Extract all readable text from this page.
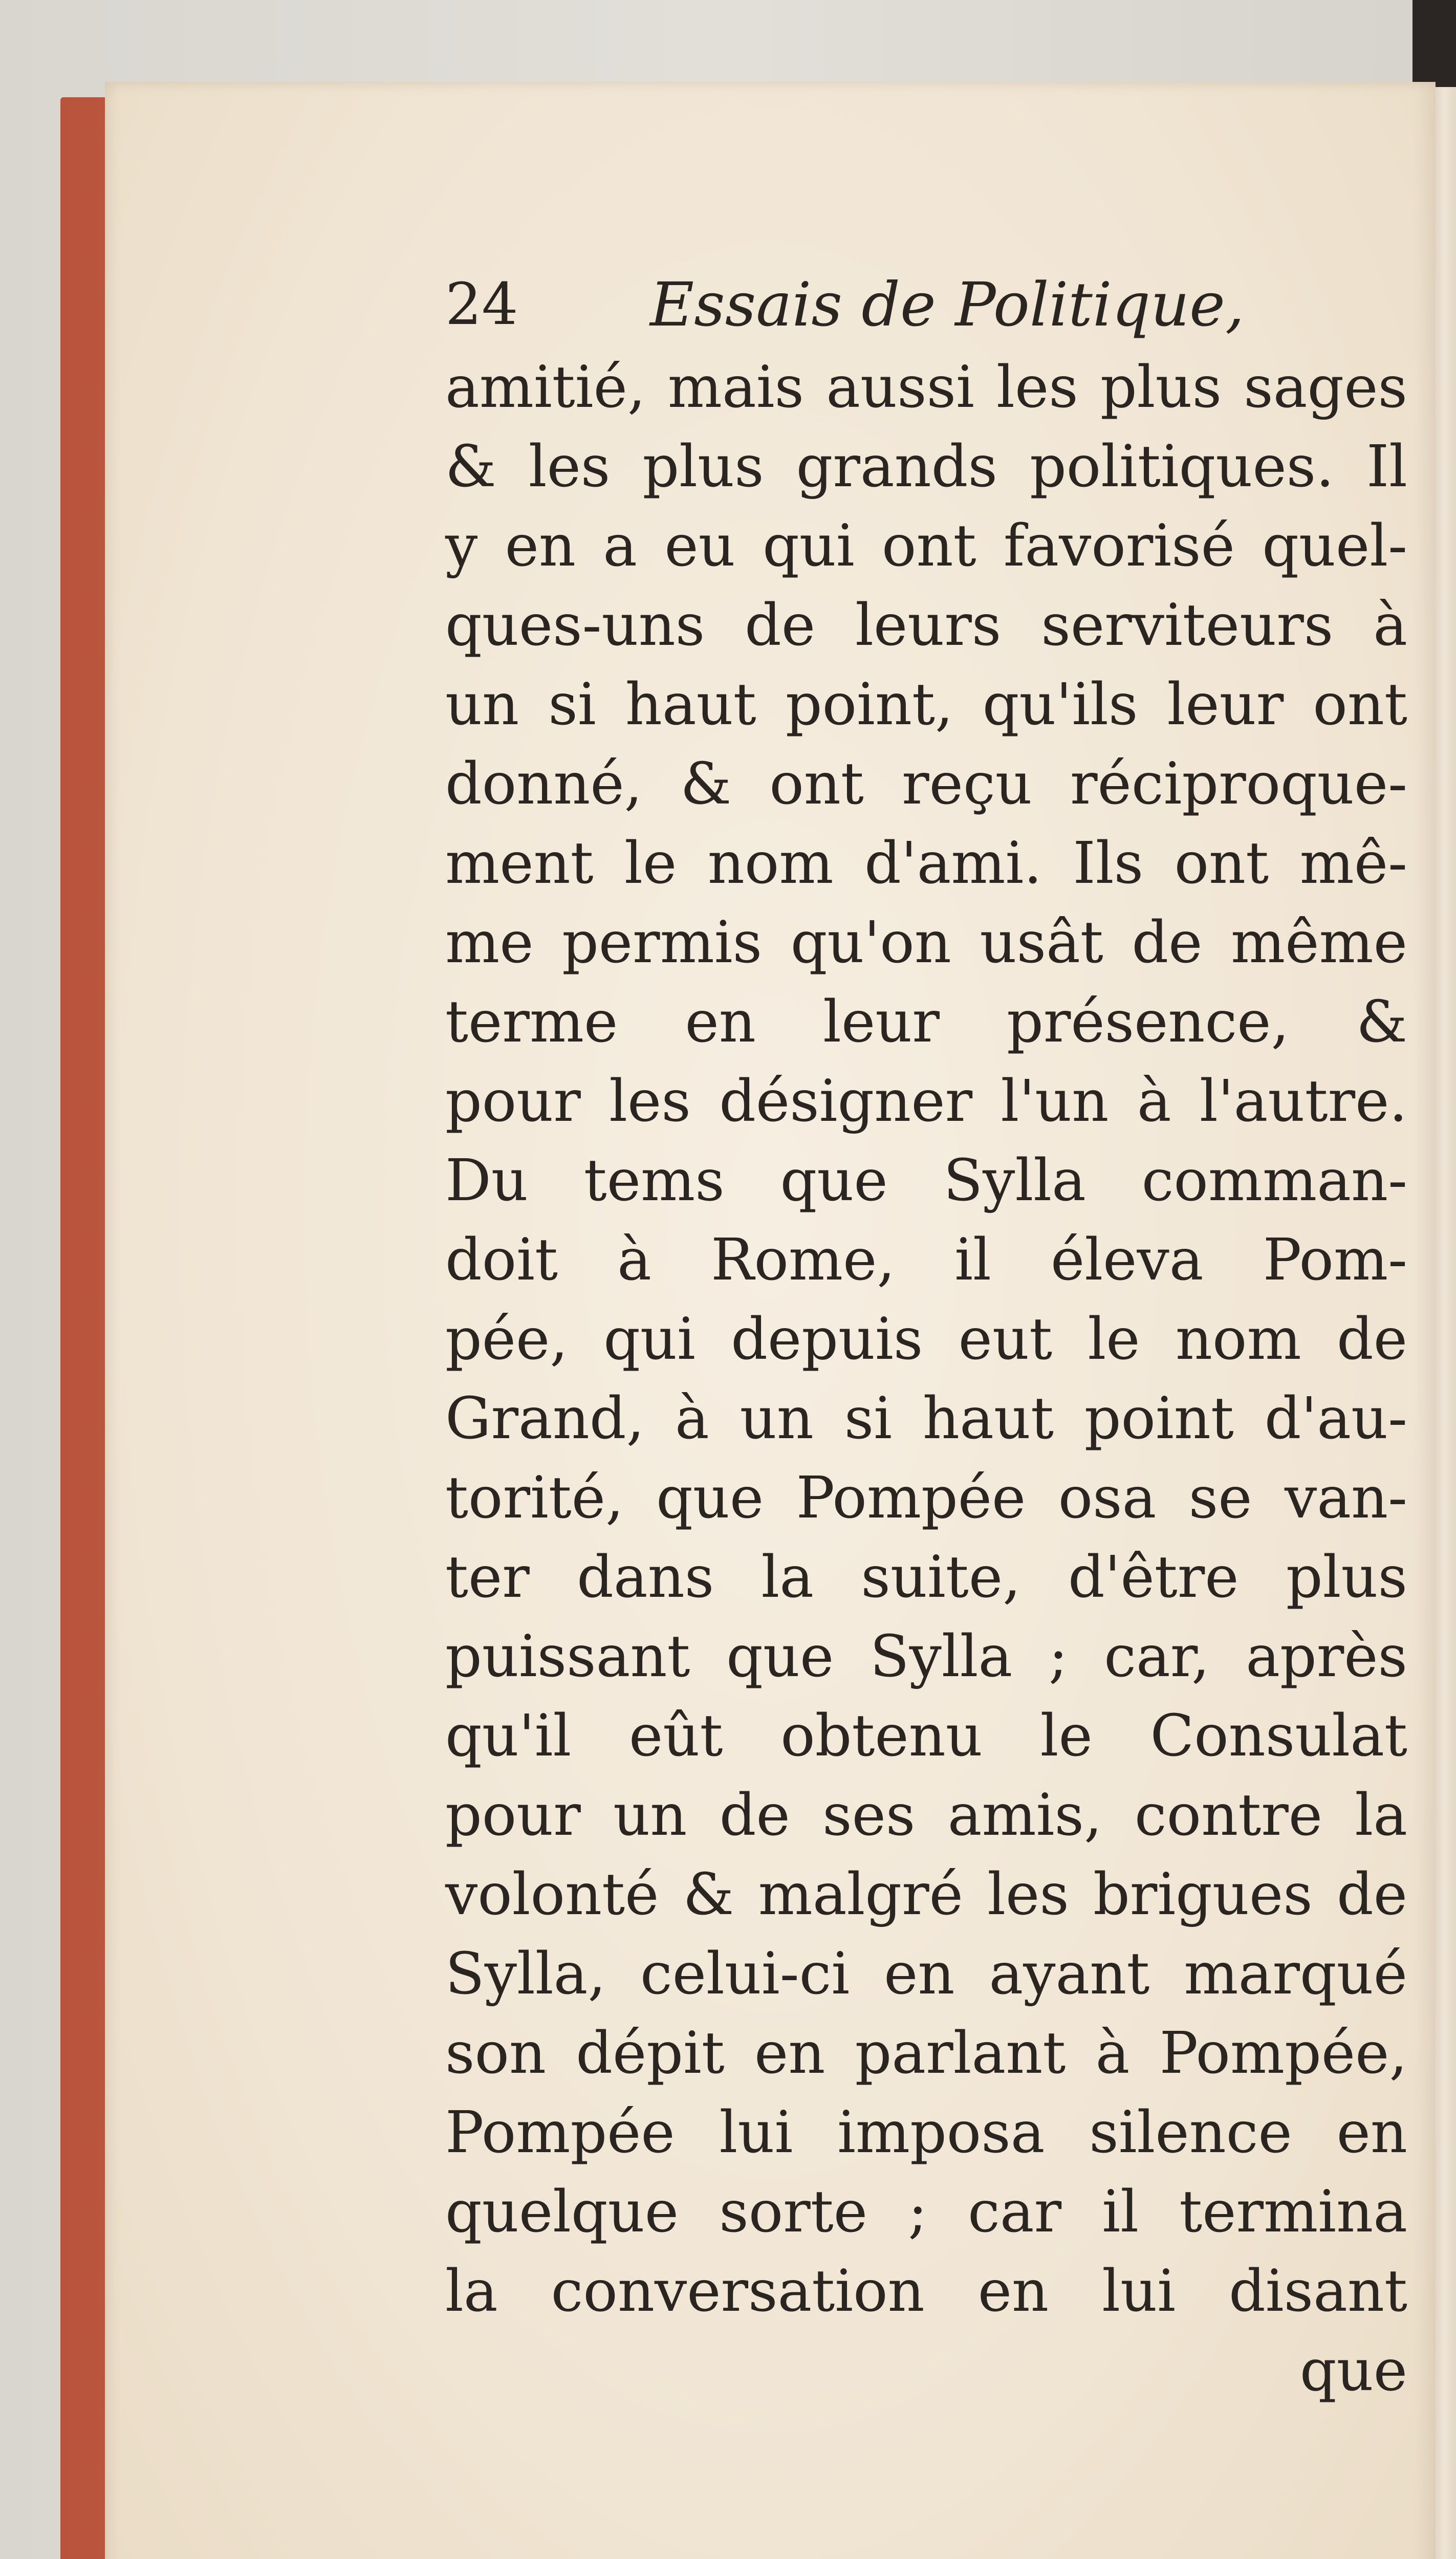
24 Essais de Politique,
amitié, mais aussi les plus sages
& les plus grands politiques. Il
y en a eu qui ont favorisé quel-
ques-uns de leurs serviteurs à
un si haut point, qu'ils leur ont
donné, & ont reçu réciproque-
ment le nom d'ami. Ils ont mê-
me permis qu'on usât de même
terme en leur présence, &
pour les désigner l'un à l'autre.
Du tems que Sylla comman-
doit à Rome, il éleva Pom-
pée, qui depuis eut le nom de
Grand, à un si haut point d'au-
torité, que Pompée osa se van-
ter dans la suite, d'être plus
puissant que Sylla ; car, après
qu'il eût obtenu le Consulat
pour un de ses amis, contre la
volonté & malgré les brigues de
Sylla, celui-ci en ayant marqué
son dépit en parlant à Pompée,
Pompée lui imposa silence en
quelque sorte ; car il termina
la conversation en lui disant
que
